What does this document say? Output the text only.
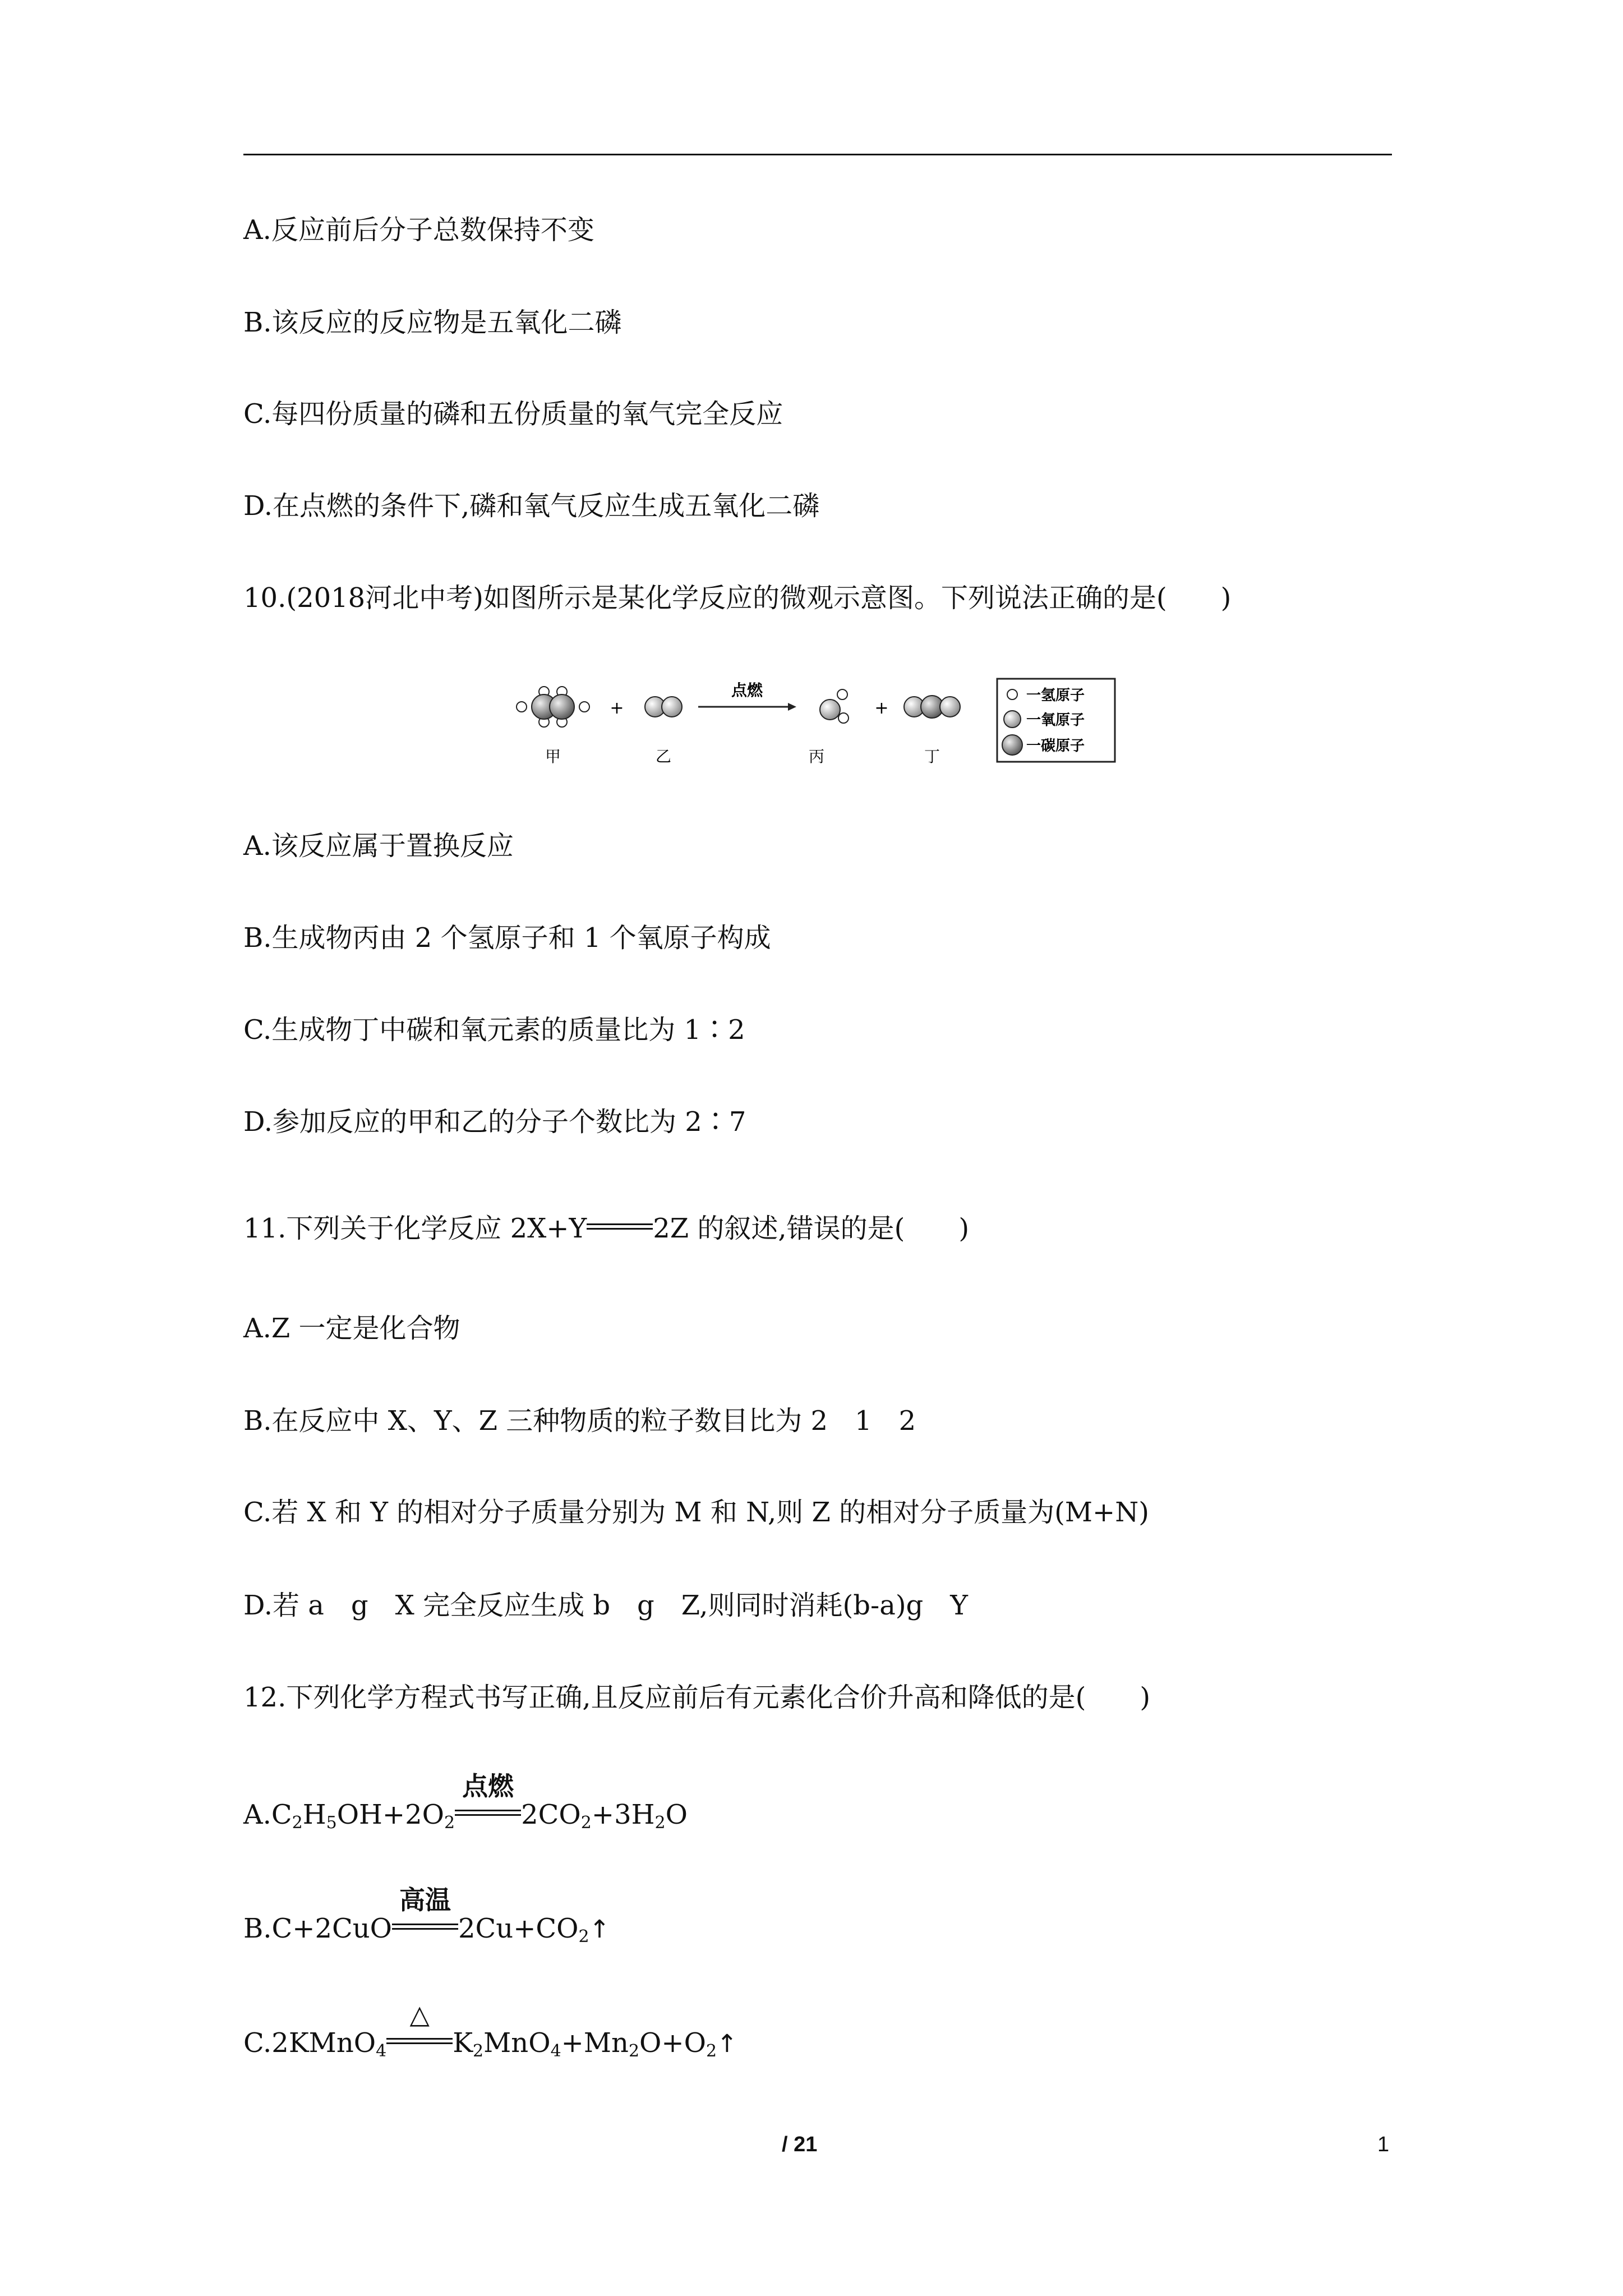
A.反应前后分子总数保持不变
B.该反应的反应物是五氧化二磷
C.每四份质量的磷和五份质量的氧气完全反应
D.在点燃的条件下,磷和氧气反应生成五氧化二磷
10.(2018河北中考)如图所示是某化学反应的微观示意图。下列说法正确的是(　　)
+
点燃
+
甲	乙	丙	丁
一氢原子
一氧原子
一碳原子
A.该反应属于置换反应
B.生成物丙由 2 个氢原子和 1 个氧原子构成
C.生成物丁中碳和氧元素的质量比为 1∶2
D.参加反应的甲和乙的分子个数比为 2∶7
11.下列关于化学反应 2X+Y 2Z 的叙述,错误的是(　　)
A.Z 一定是化合物
B.在反应中 X、Y、Z 三种物质的粒子数目比为 2　1　2
C.若 X 和 Y 的相对分子质量分别为 M 和 N,则 Z 的相对分子质量为(M+N)
D.若 a　g　X 完全反应生成 b　g　Z,则同时消耗(b-a)g　Y
12.下列化学方程式书写正确,且反应前后有元素化合价升高和降低的是(　　)
$A.C_2H_5OH+2O_2$
点燃
$2CO_2+3H_2O$
B.C+2CuO
高温
$2Cu+CO_2↑$
C.2KMnO$_4$
△
$K_2MnO_4+Mn_2O+O_2↑$
/ 21	1
